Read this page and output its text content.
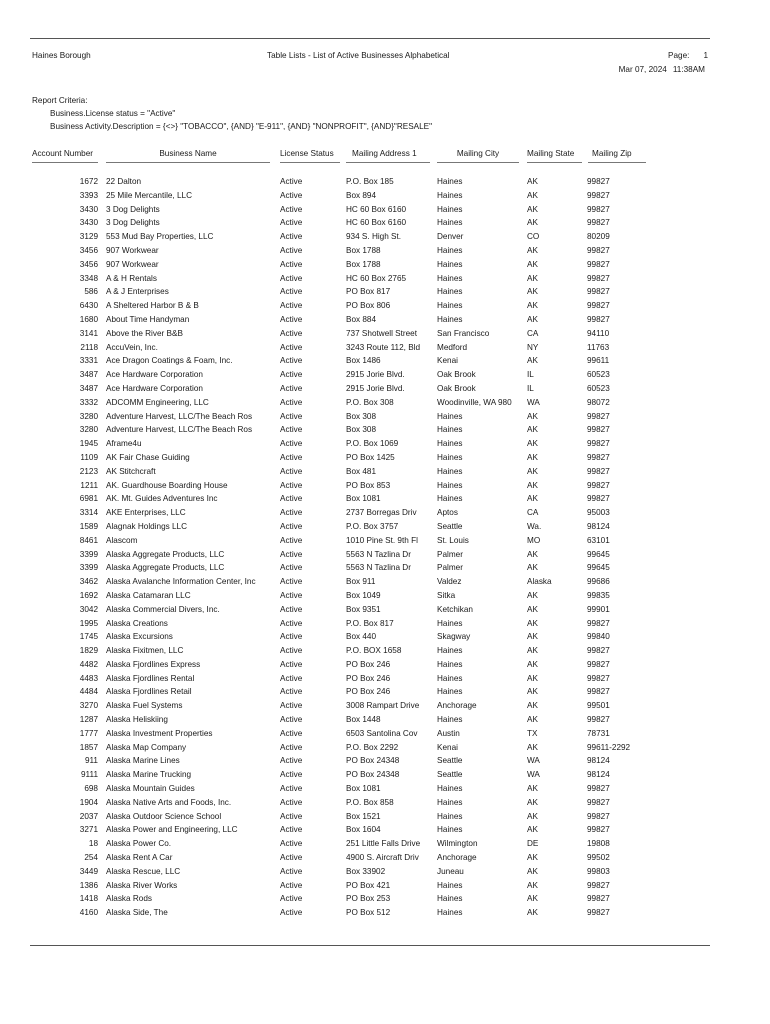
Haines Borough	Table Lists - List of Active Businesses Alphabetical	Page: 1
Mar 07, 2024 11:38AM
Report Criteria:
Business.License status = "Active"
Business Activity.Description = {<>} "TOBACCO", {AND} "E-911", {AND} "NONPROFIT", {AND}"RESALE"
Account Number	Business Name	License Status	Mailing Address 1	Mailing City	Mailing State	Mailing Zip
1672 22 Dalton	Active	P.O. Box 185	Haines	AK	99827
3393 25 Mile Mercantile, LLC	Active	Box 894	Haines	AK	99827
3430 3 Dog Delights	Active	HC 60 Box 6160	Haines	AK	99827
3430 3 Dog Delights	Active	HC 60 Box 6160	Haines	AK	99827
3129 553 Mud Bay Properties, LLC	Active	934 S. High St.	Denver	CO	80209
3456 907 Workwear	Active	Box 1788	Haines	AK	99827
3456 907 Workwear	Active	Box 1788	Haines	AK	99827
3348 A & H Rentals	Active	HC 60 Box 2765	Haines	AK	99827
586 A & J Enterprises	Active	PO Box 817	Haines	AK	99827
6430 A Sheltered Harbor B & B	Active	PO Box 806	Haines	AK	99827
1680 About Time Handyman	Active	Box 884	Haines	AK	99827
3141 Above the River B&B	Active	737 Shotwell Street	San Francisco	CA	94110
2118 AccuVein, Inc.	Active	3243 Route 112, Bld	Medford	NY	11763
3331 Ace Dragon Coatings & Foam, Inc.	Active	Box 1486	Kenai	AK	99611
3487 Ace Hardware Corporation	Active	2915 Jorie Blvd.	Oak Brook	IL	60523
3487 Ace Hardware Corporation	Active	2915 Jorie Blvd.	Oak Brook	IL	60523
3332 ADCOMM Engineering, LLC	Active	P.O. Box 308	Woodinville, WA 980	WA	98072
3280 Adventure Harvest, LLC/The Beach Ros	Active	Box 308	Haines	AK	99827
3280 Adventure Harvest, LLC/The Beach Ros	Active	Box 308	Haines	AK	99827
1945 Aframe4u	Active	P.O. Box 1069	Haines	AK	99827
1109 AK Fair Chase Guiding	Active	PO Box 1425	Haines	AK	99827
2123 AK Stitchcraft	Active	Box 481	Haines	AK	99827
1211 AK. Guardhouse Boarding House	Active	PO Box 853	Haines	AK	99827
6981 AK. Mt. Guides Adventures Inc	Active	Box 1081	Haines	AK	99827
3314 AKE Enterprises, LLC	Active	2737 Borregas Driv	Aptos	CA	95003
1589 Alagnak Holdings LLC	Active	P.O. Box 3757	Seattle	Wa.	98124
8461 Alascom	Active	1010 Pine St. 9th Fl	St. Louis	MO	63101
3399 Alaska Aggregate Products, LLC	Active	5563 N Tazlina Dr	Palmer	AK	99645
3399 Alaska Aggregate Products, LLC	Active	5563 N Tazlina Dr	Palmer	AK	99645
3462 Alaska Avalanche Information Center, Inc	Active	Box 911	Valdez	Alaska	99686
1692 Alaska Catamaran LLC	Active	Box 1049	Sitka	AK	99835
3042 Alaska Commercial Divers, Inc.	Active	Box 9351	Ketchikan	AK	99901
1995 Alaska Creations	Active	P.O. Box 817	Haines	AK	99827
1745 Alaska Excursions	Active	Box 440	Skagway	AK	99840
1829 Alaska Fixitmen, LLC	Active	P.O. BOX 1658	Haines	AK	99827
4482 Alaska Fjordlines Express	Active	PO Box 246	Haines	AK	99827
4483 Alaska Fjordlines Rental	Active	PO Box 246	Haines	AK	99827
4484 Alaska Fjordlines Retail	Active	PO Box 246	Haines	AK	99827
3270 Alaska Fuel Systems	Active	3008 Rampart Drive	Anchorage	AK	99501
1287 Alaska Heliskiing	Active	Box 1448	Haines	AK	99827
1777 Alaska Investment Properties	Active	6503 Santolina Cov	Austin	TX	78731
1857 Alaska Map Company	Active	P.O. Box 2292	Kenai	AK	99611-2292
911 Alaska Marine Lines	Active	PO Box 24348	Seattle	WA	98124
9111 Alaska Marine Trucking	Active	PO Box 24348	Seattle	WA	98124
698 Alaska Mountain Guides	Active	Box 1081	Haines	AK	99827
1904 Alaska Native Arts and Foods, Inc.	Active	P.O. Box 858	Haines	AK	99827
2037 Alaska Outdoor Science School	Active	Box 1521	Haines	AK	99827
3271 Alaska Power and Engineering, LLC	Active	Box 1604	Haines	AK	99827
18 Alaska Power Co.	Active	251 Little Falls Drive	Wilmington	DE	19808
254 Alaska Rent A Car	Active	4900 S. Aircraft Driv	Anchorage	AK	99502
3449 Alaska Rescue, LLC	Active	Box 33902	Juneau	AK	99803
1386 Alaska River Works	Active	PO Box 421	Haines	AK	99827
1418 Alaska Rods	Active	PO Box 253	Haines	AK	99827
4160 Alaska Side, The	Active	PO Box 512	Haines	AK	99827
